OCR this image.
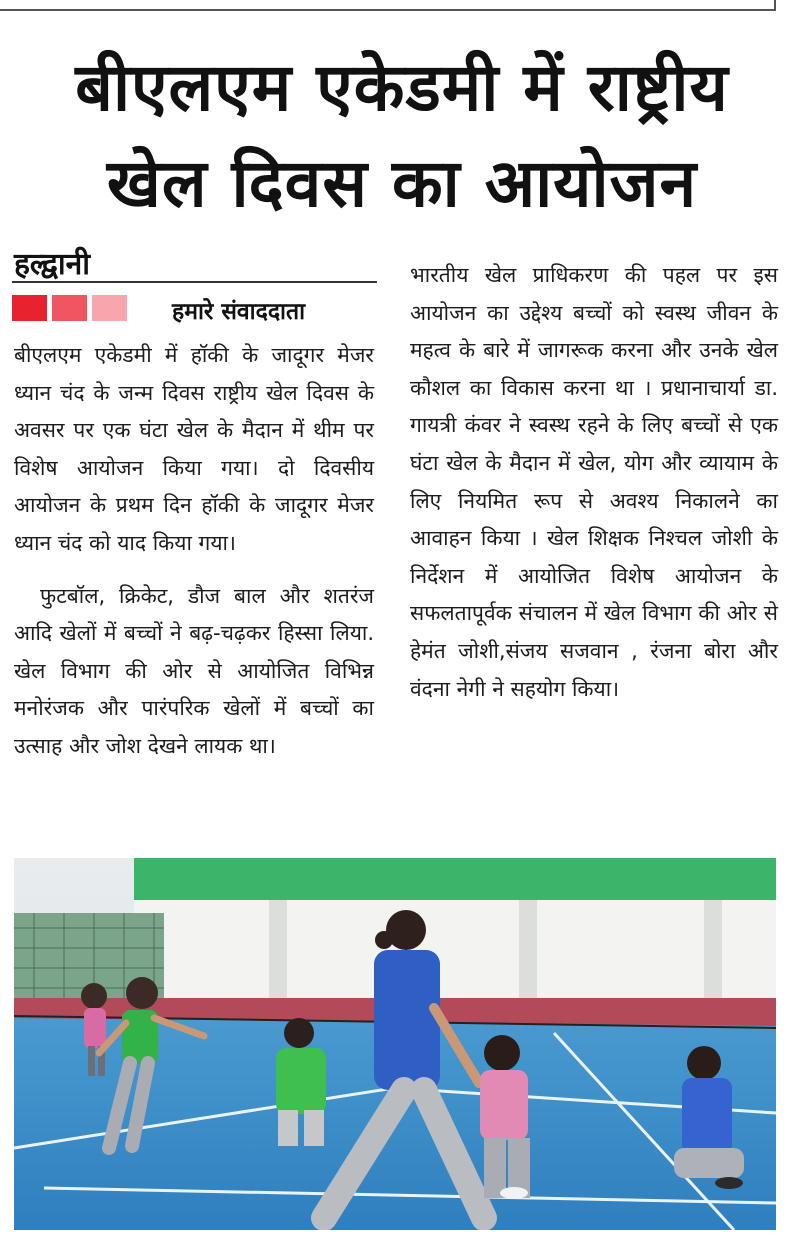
बीएलएम एकेडमी में राष्ट्रीय
खेल दिवस का आयोजन
हल्द्वानी
हमारे संवाददाता

बीएलएम एकेडमी में हॉकी के जादूगर मेजर ध्यान चंद के जन्म दिवस राष्ट्रीय खेल दिवस के अवसर पर एक घंटा खेल के मैदान में थीम पर विशेष आयोजन किया गया। दो दिवसीय आयोजन के प्रथम दिन हॉकी के जादूगर मेजर ध्यान चंद को याद किया गया।

फुटबॉल, क्रिकेट, डौज बाल और शतरंज आदि खेलों में बच्चों ने बढ़-चढ़कर हिस्सा लिया. खेल विभाग की ओर से आयोजित विभिन्न मनोरंजक और पारंपरिक खेलों में बच्चों का उत्साह और जोश देखने लायक था।

भारतीय खेल प्राधिकरण की पहल पर इस आयोजन का उद्देश्य बच्चों को स्वस्थ जीवन के महत्व के बारे में जागरूक करना और उनके खेल कौशल का विकास करना था । प्रधानाचार्या डा. गायत्री कंवर ने स्वस्थ रहने के लिए बच्चों से एक घंटा खेल के मैदान में खेल, योग और व्यायाम के लिए नियमित रूप से अवश्य निकालने का आवाहन किया । खेल शिक्षक निश्चल जोशी के निर्देशन में आयोजित विशेष आयोजन के सफलतापूर्वक संचालन में खेल विभाग की ओर से हेमंत जोशी,संजय सजवान , रंजना बोरा और वंदना नेगी ने सहयोग किया।
